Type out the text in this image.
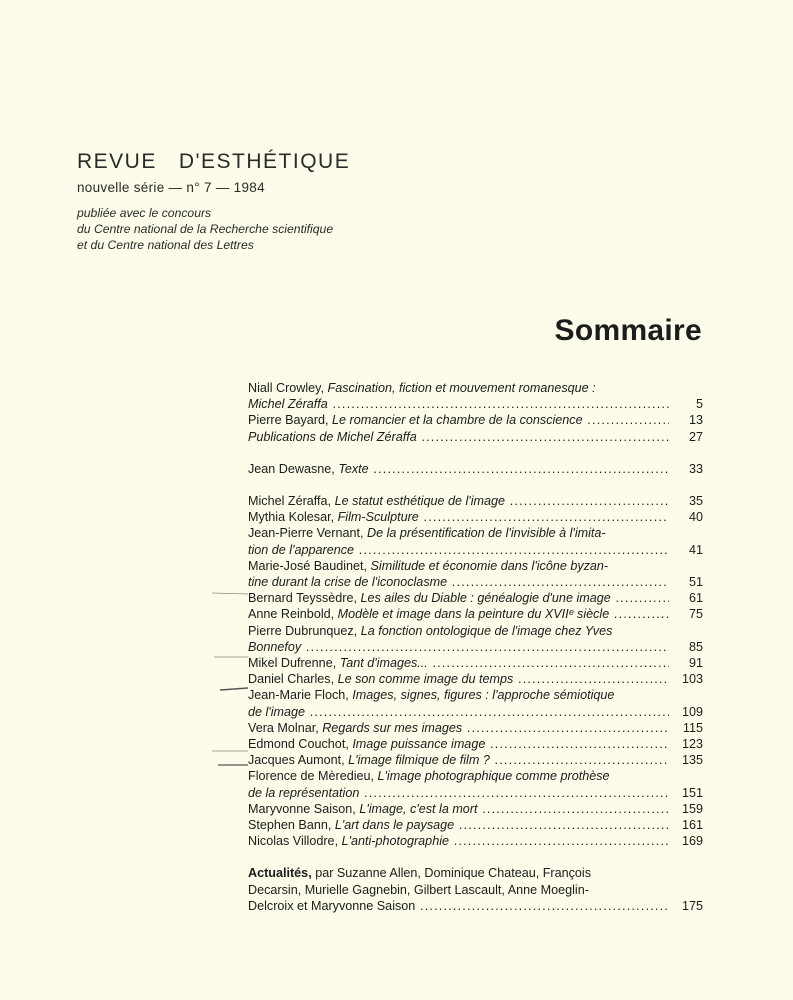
REVUE   D'ESTHÉTIQUE
nouvelle série — n° 7 — 1984
publiée avec le concours
du Centre national de la Recherche scientifique
et du Centre national des Lettres
Sommaire
Niall Crowley, Fascination, fiction et mouvement romanesque :
Michel Zéraffa .....	5
Pierre Bayard, Le romancier et la chambre de la conscience .....	13
Publications de Michel Zéraffa .....	27
Jean Dewasne, Texte .....	33
Michel Zéraffa, Le statut esthétique de l'image .....	35
Mythia Kolesar, Film-Sculpture .....	40
Jean-Pierre Vernant, De la présentification de l'invisible à l'imita-
tion de l'apparence .....	41
Marie-José Baudinet, Similitude et économie dans l'icône byzan-
tine durant la crise de l'iconoclasme .....	51
Bernard Teyssèdre, Les ailes du Diable : généalogie d'une image .....	61
Anne Reinbold, Modèle et image dans la peinture du XVIIᵉ siècle .....	75
Pierre Dubrunquez, La fonction ontologique de l'image chez Yves
Bonnefoy .....	85
Mikel Dufrenne, Tant d'images... .....	91
Daniel Charles, Le son comme image du temps .....	103
Jean-Marie Floch, Images, signes, figures : l'approche sémiotique
de l'image .....	109
Vera Molnar, Regards sur mes images .....	115
Edmond Couchot, Image puissance image .....	123
Jacques Aumont, L'image filmique de film ? .....	135
Florence de Mèredieu, L'image photographique comme prothèse
de la représentation .....	151
Maryvonne Saison, L'image, c'est la mort .....	159
Stephen Bann, L'art dans le paysage .....	161
Nicolas Villodre, L'anti-photographie .....	169
Actualités, par Suzanne Allen, Dominique Chateau, François
Decarsin, Murielle Gagnebin, Gilbert Lascault, Anne Moeglin-
Delcroix et Maryvonne Saison .....	175
